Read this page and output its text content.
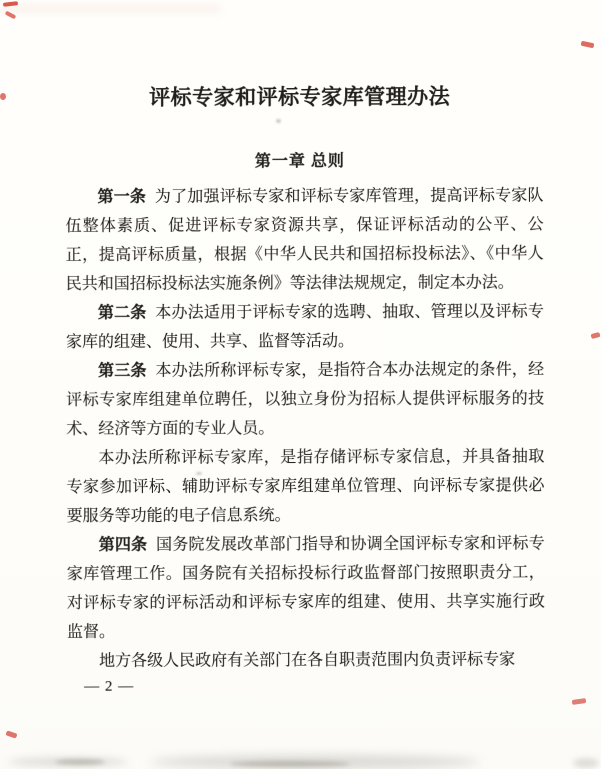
评标专家和评标专家库管理办法
第一章 总则

第一条 为了加强评标专家和评标专家库管理，提高评标专家队伍整体素质、促进评标专家资源共享，保证评标活动的公平、公正，提高评标质量，根据《中华人民共和国招标投标法》、《中华人民共和国招标投标法实施条例》等法律法规规定，制定本办法。

第二条 本办法适用于评标专家的选聘、抽取、管理以及评标专家库的组建、使用、共享、监督等活动。

第三条 本办法所称评标专家，是指符合本办法规定的条件，经评标专家库组建单位聘任，以独立身份为招标人提供评标服务的技术、经济等方面的专业人员。

本办法所称评标专家库，是指存储评标专家信息，并具备抽取专家参加评标、辅助评标专家库组建单位管理、向评标专家提供必要服务等功能的电子信息系统。

第四条 国务院发展改革部门指导和协调全国评标专家和评标专家库管理工作。国务院有关招标投标行政监督部门按照职责分工，对评标专家的评标活动和评标专家库的组建、使用、共享实施行政监督。

地方各级人民政府有关部门在各自职责范围内负责评标专家

— 2 —
